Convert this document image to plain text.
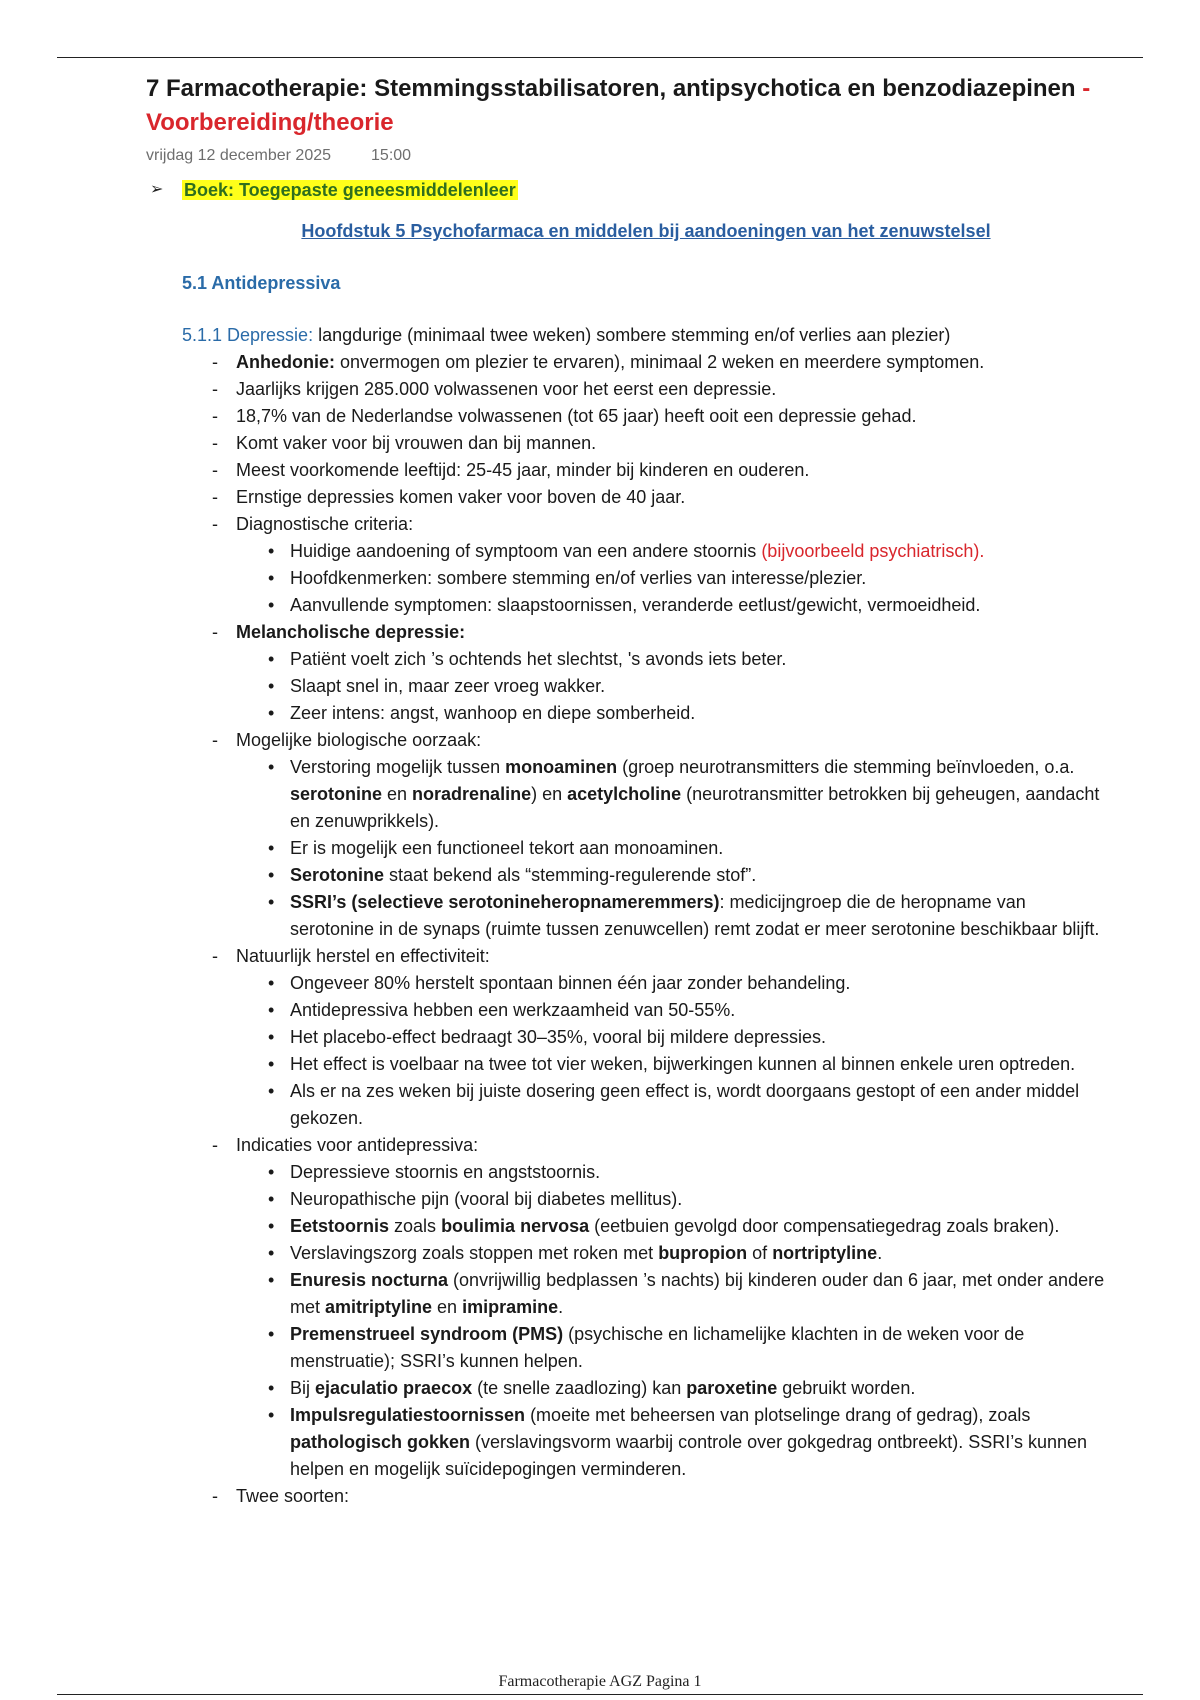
7 Farmacotherapie: Stemmingsstabilisatoren, antipsychotica en benzodiazepinen - Voorbereiding/theorie
vrijdag 12 december 2025	15:00
➢ Boek: Toegepaste geneesmiddelenleer
Hoofdstuk 5 Psychofarmaca en middelen bij aandoeningen van het zenuwstelsel
5.1 Antidepressiva
5.1.1 Depressie: langdurige (minimaal twee weken) sombere stemming en/of verlies aan plezier)
- Anhedonie: onvermogen om plezier te ervaren), minimaal 2 weken en meerdere symptomen.
- Jaarlijks krijgen 285.000 volwassenen voor het eerst een depressie.
- 18,7% van de Nederlandse volwassenen (tot 65 jaar) heeft ooit een depressie gehad.
- Komt vaker voor bij vrouwen dan bij mannen.
- Meest voorkomende leeftijd: 25-45 jaar, minder bij kinderen en ouderen.
- Ernstige depressies komen vaker voor boven de 40 jaar.
- Diagnostische criteria:
• Huidige aandoening of symptoom van een andere stoornis (bijvoorbeeld psychiatrisch).
• Hoofdkenmerken: sombere stemming en/of verlies van interesse/plezier.
• Aanvullende symptomen: slaapstoornissen, veranderde eetlust/gewicht, vermoeidheid.
- Melancholische depressie:
• Patiënt voelt zich ’s ochtends het slechtst, 's avonds iets beter.
• Slaapt snel in, maar zeer vroeg wakker.
• Zeer intens: angst, wanhoop en diepe somberheid.
- Mogelijke biologische oorzaak:
• Verstoring mogelijk tussen monoaminen (groep neurotransmitters die stemming beïnvloeden, o.a. serotonine en noradrenaline) en acetylcholine (neurotransmitter betrokken bij geheugen, aandacht en zenuwprikkels).
• Er is mogelijk een functioneel tekort aan monoaminen.
• Serotonine staat bekend als “stemming-regulerende stof”.
• SSRI’s (selectieve serotonineheropnameremmers): medicijngroep die de heropname van serotonine in de synaps (ruimte tussen zenuwcellen) remt zodat er meer serotonine beschikbaar blijft.
- Natuurlijk herstel en effectiviteit:
• Ongeveer 80% herstelt spontaan binnen één jaar zonder behandeling.
• Antidepressiva hebben een werkzaamheid van 50-55%.
• Het placebo-effect bedraagt 30–35%, vooral bij mildere depressies.
• Het effect is voelbaar na twee tot vier weken, bijwerkingen kunnen al binnen enkele uren optreden.
• Als er na zes weken bij juiste dosering geen effect is, wordt doorgaans gestopt of een ander middel gekozen.
- Indicaties voor antidepressiva:
• Depressieve stoornis en angststoornis.
• Neuropathische pijn (vooral bij diabetes mellitus).
• Eetstoornis zoals boulimia nervosa (eetbuien gevolgd door compensatiegedrag zoals braken).
• Verslavingszorg zoals stoppen met roken met bupropion of nortriptyline.
• Enuresis nocturna (onvrijwillig bedplassen ’s nachts) bij kinderen ouder dan 6 jaar, met onder andere met amitriptyline en imipramine.
• Premenstrueel syndroom (PMS) (psychische en lichamelijke klachten in de weken voor de menstruatie); SSRI’s kunnen helpen.
• Bij ejaculatio praecox (te snelle zaadlozing) kan paroxetine gebruikt worden.
• Impulsregulatiestoornissen (moeite met beheersen van plotselinge drang of gedrag), zoals pathologisch gokken (verslavingsvorm waarbij controle over gokgedrag ontbreekt). SSRI’s kunnen helpen en mogelijk suïcidepogingen verminderen.
- Twee soorten:
Farmacotherapie AGZ Pagina 1
